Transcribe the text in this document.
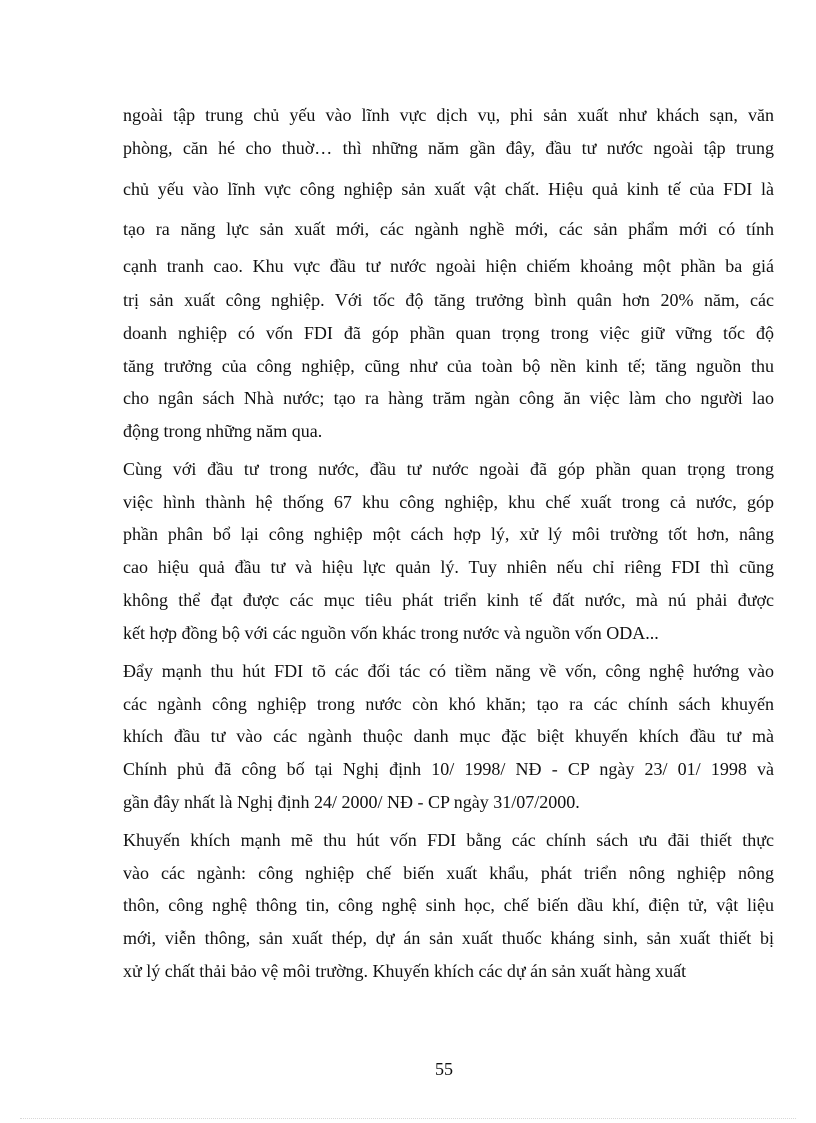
ngoài tập trung chủ yếu vào lĩnh vực dịch vụ, phi sản xuất như khách sạn, văn
phòng, căn hé cho thuờ… thì những năm gần đây, đầu tư nước ngoài tập trung
chủ yếu vào lĩnh vực công nghiệp sản xuất vật chất. Hiệu quả kinh tế của FDI là
tạo ra năng lực sản xuất mới, các ngành nghề mới, các sản phẩm mới có tính
cạnh tranh cao. Khu vực đầu tư nước ngoài hiện chiếm khoảng một phần ba giá
trị sản xuất công nghiệp. Với tốc độ tăng trưởng bình quân hơn 20% năm, các
doanh nghiệp có vốn FDI đã góp phần quan trọng trong việc giữ vững tốc độ
tăng trưởng của công nghiệp, cũng như của toàn bộ nền kinh tế; tăng nguồn thu
cho ngân sách Nhà nước; tạo ra hàng trăm ngàn công ăn việc làm cho người lao
động trong những năm qua.
Cùng với đầu tư trong nước, đầu tư nước ngoài đã góp phần quan trọng trong
việc hình thành hệ thống 67 khu công nghiệp, khu chế xuất trong cả nước, góp
phần phân bổ lại công nghiệp một cách hợp lý, xử lý môi trường tốt hơn, nâng
cao hiệu quả đầu tư và hiệu lực quản lý. Tuy nhiên nếu chỉ riêng FDI thì cũng
không thể đạt được các mục tiêu phát triển kinh tế đất nước, mà nú phải được
kết hợp đồng bộ với các nguồn vốn khác trong nước và nguồn vốn ODA...
Đẩy mạnh thu hút FDI tõ các đối tác có tiềm năng về vốn, công nghệ hướng vào
các ngành công nghiệp trong nước còn khó khăn; tạo ra các chính sách khuyến
khích đầu tư vào các ngành thuộc danh mục đặc biệt khuyến khích đầu tư mà
Chính phủ đã công bố tại Nghị định 10/ 1998/ NĐ - CP ngày 23/ 01/ 1998 và
gần đây nhất là Nghị định 24/ 2000/ NĐ - CP ngày 31/07/2000.
Khuyến khích mạnh mẽ thu hút vốn FDI bằng các chính sách ưu đãi thiết thực
vào các ngành: công nghiệp chế biến xuất khẩu, phát triển nông nghiệp nông
thôn, công nghệ thông tin, công nghệ sinh học, chế biến dầu khí, điện tử, vật liệu
mới, viễn thông, sản xuất thép, dự án sản xuất thuốc kháng sinh, sản xuất thiết bị
xử lý chất thải bảo vệ môi trường. Khuyến khích các dự án sản xuất hàng xuất
55
